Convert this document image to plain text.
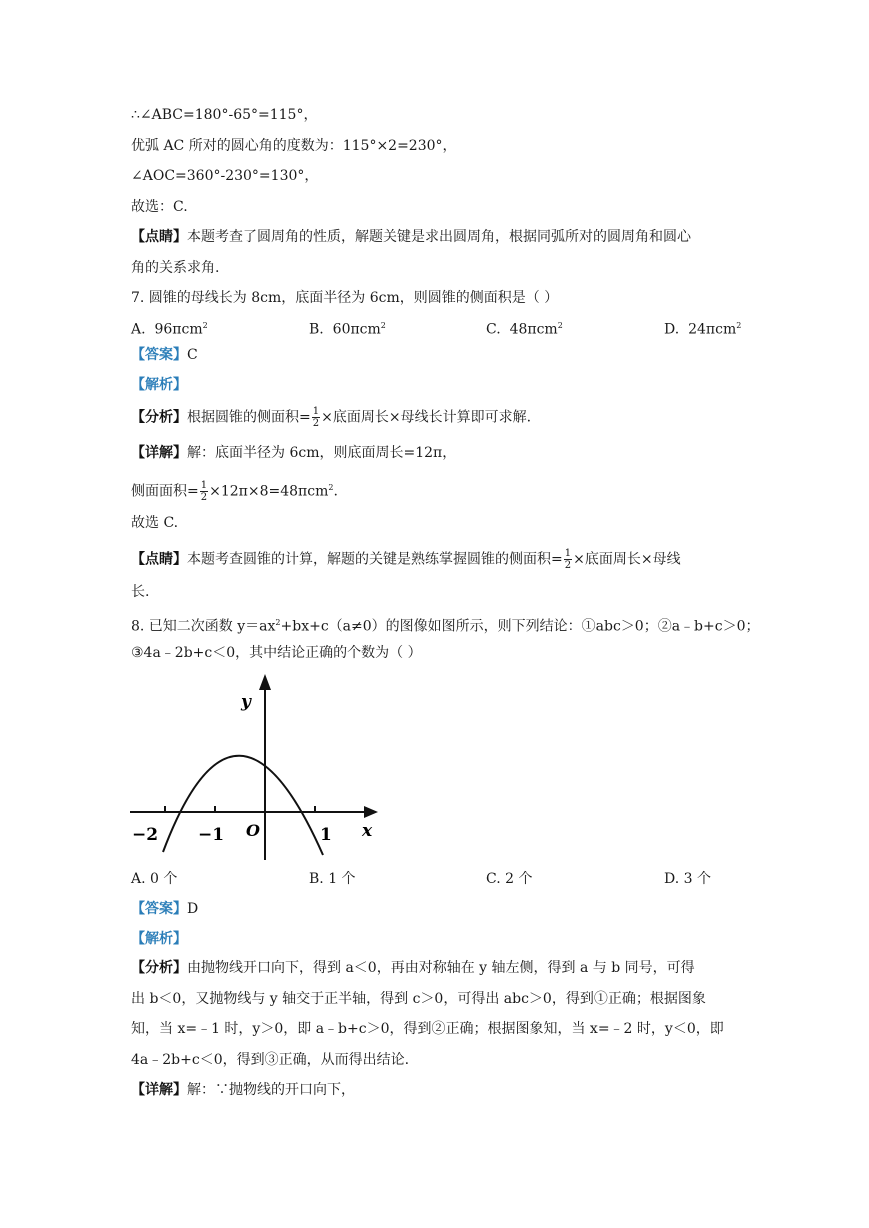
∴∠ABC=180°-65°=115°，
优弧 AC 所对的圆心角的度数为：115°×2=230°，
∠AOC=360°-230°=130°，
故选：C.
【点睛】本题考查了圆周角的性质，解题关键是求出圆周角，根据同弧所对的圆周角和圆心
角的关系求角.
7. 圆锥的母线长为 8cm，底面半径为 6cm，则圆锥的侧面积是（ ）
A. 96πcm$^2$	B. 60πcm$^2$	C. 48πcm$^2$	D. 24πcm$^2$
【答案】C
【解析】
【分析】根据圆锥的侧面积= $\frac{1}{2}$ ×底面周长×母线长计算即可求解.
【详解】解：底面半径为 6cm，则底面周长=12π，
侧面面积= $\frac{1}{2} \times 12\pi\times 8=48\pi cm^2$.
故选 C.
【点睛】本题考查圆锥的计算，解题的关键是熟练掌握圆锥的侧面积= $\frac{1}{2}$ ×底面周长×母线
长.
8. 已知二次函数 $y=ax^2+bx+c(a\ne 0)$的图像如图所示，则下列结论：①abc＞0；②a﹣b+c＞0；
③4a﹣2b+c＜0，其中结论正确的个数为（ ）
y
x
O
−2 −1	1
A. 0 个	B. 1 个	C. 2 个	D. 3 个
【答案】D
【解析】
【分析】由抛物线开口向下，得到 a＜0，再由对称轴在 y 轴左侧，得到 a 与 b 同号，可得
出 b＜0，又抛物线与 y 轴交于正半轴，得到 c＞0，可得出 abc＞0，得到①正确；根据图象
知，当 x=﹣1 时，y＞0，即 a﹣b+c＞0，得到②正确；根据图象知，当 x=﹣2 时，y＜0，即
4a﹣2b+c＜0，得到③正确，从而得出结论.
【详解】解：∵抛物线的开口向下，
